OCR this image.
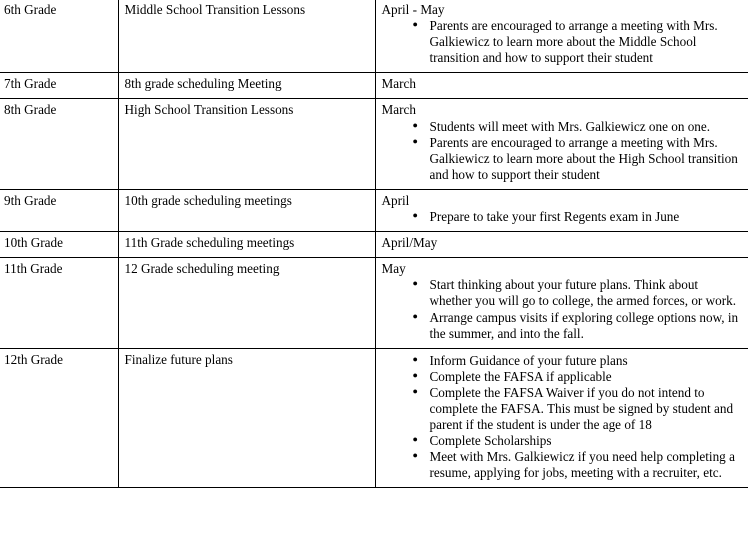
6th Grade	Middle School Transition Lessons	April - May
● Parents are encouraged to arrange a meeting with Mrs. Galkiewicz to learn more about the Middle School transition and how to support their student

7th Grade	8th grade scheduling Meeting	March

8th Grade	High School Transition Lessons	March
● Students will meet with Mrs. Galkiewicz one on one.
● Parents are encouraged to arrange a meeting with Mrs. Galkiewicz to learn more about the High School transition and how to support their student

9th Grade	10th grade scheduling meetings	April
● Prepare to take your first Regents exam in June

10th Grade	11th Grade scheduling meetings	April/May

11th Grade	12 Grade scheduling meeting	May
● Start thinking about your future plans. Think about whether you will go to college, the armed forces, or work.
● Arrange campus visits if exploring college options now, in the summer, and into the fall.

12th Grade	Finalize future plans	
●Inform Guidance of your future plans
● Complete the FAFSA if applicable
● Complete the FAFSA Waiver if you do not intend to complete the FAFSA. This must be signed by student and parent if the student is under the age of 18
● Complete Scholarships
● Meet with Mrs. Galkiewicz if you need help completing a resume, applying for jobs, meeting with a recruiter, etc.
